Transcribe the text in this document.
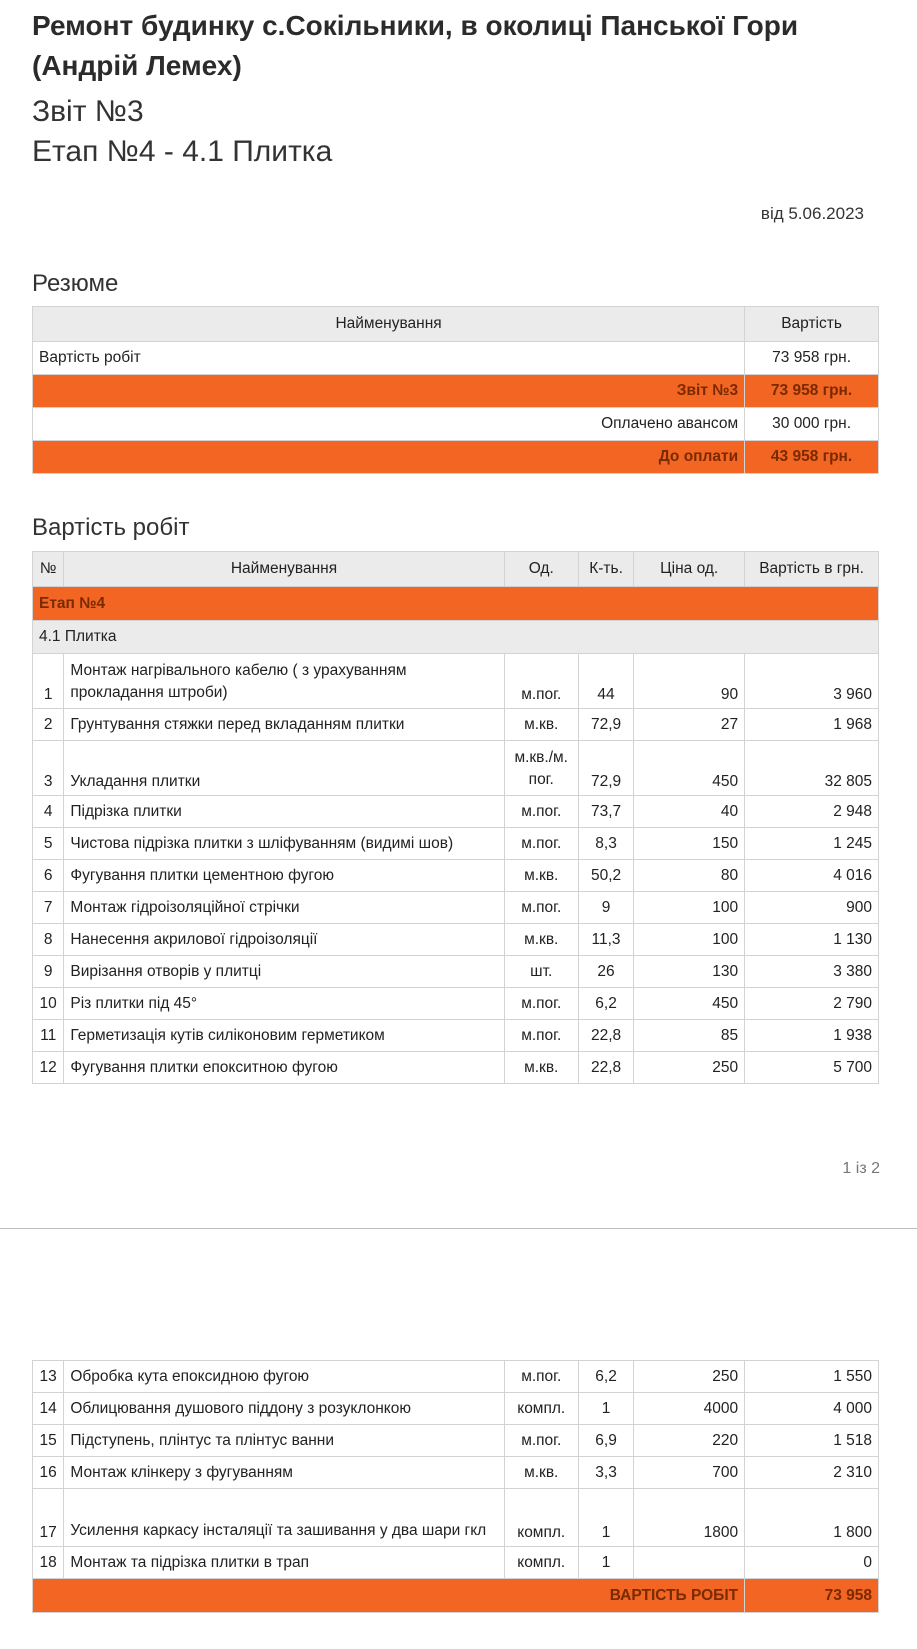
Ремонт будинку с.Сокільники, в околиці Панської Гори (Андрій Лемех)
Звіт №3
Етап №4 - 4.1 Плитка
від 5.06.2023
Резюме
Найменування	Вартість
Вартість робіт	73 958 грн.
Звіт №3	73 958 грн.
Оплачено авансом	30 000 грн.
До оплати	43 958 грн.
Вартість робіт
№	Найменування	Од.	К-ть.	Ціна од.	Вартість в грн.
Етап №4					
4.1 Плитка					
1	Монтаж нагрівального кабелю ( з урахуванням прокладання штроби)	м.пог.	44	90	3 960
2	Грунтування стяжки перед вкладанням плитки	м.кв.	72,9	27	1 968
3	Укладання плитки	м.кв./м. пог.	72,9	450	32 805
4	Підрізка плитки	м.пог.	73,7	40	2 948
5	Чистова підрізка плитки з шліфуванням (видимі шов)	м.пог.	8,3	150	1 245
6	Фугування плитки цементною фугою	м.кв.	50,2	80	4 016
7	Монтаж гідроізоляційної стрічки	м.пог.	9	100	900
8	Нанесення акрилової гідроізоляції	м.кв.	11,3	100	1 130
9	Вирізання отворів у плитці	шт.	26	130	3 380
10	Різ плитки під 45°	м.пог.	6,2	450	2 790
11	Герметизація кутів силіконовим герметиком	м.пог.	22,8	85	1 938
12	Фугування плитки епокситною фугою	м.кв.	22,8	250	5 700
1 із 2
13	Обробка кута епоксидною фугою	м.пог.	6,2	250	1 550
14	Облицювання душового піддону з розуклонкою	компл.	1	4000	4 000
15	Підступень, плінтус та плінтус ванни	м.пог.	6,9	220	1 518
16	Монтаж клінкеру з фугуванням	м.кв.	3,3	700	2 310
17	Усилення каркасу інсталяції та зашивання у два шари гкл	компл.	1	1800	1 800
18	Монтаж та підрізка плитки в трап	компл.	1		0
ВАРТІСТЬ РОБІТ					73 958
